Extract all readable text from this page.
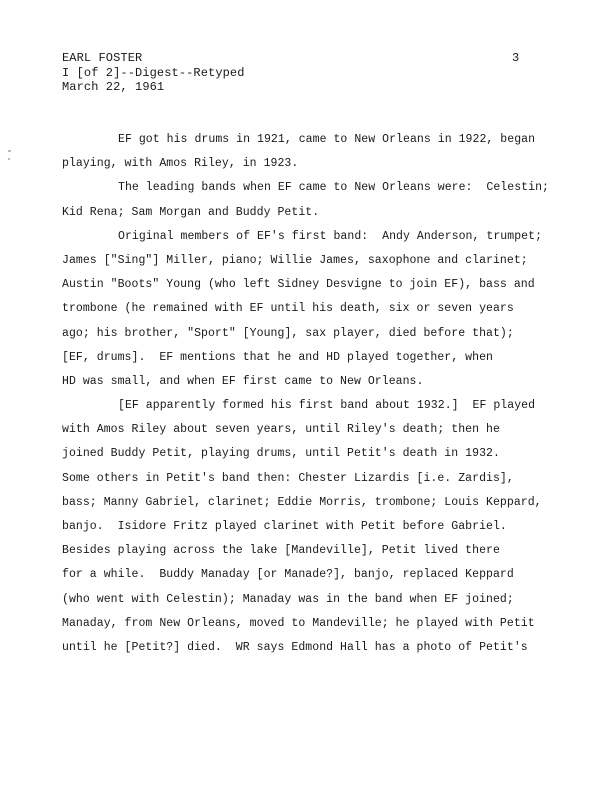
EARL FOSTER
I [of 2]--Digest--Retyped
March 22, 1961
3
EF got his drums in 1921, came to New Orleans in 1922, began
playing, with Amos Riley, in 1923.
The leading bands when EF came to New Orleans were:  Celestin;
Kid Rena; Sam Morgan and Buddy Petit.
Original members of EF's first band:  Andy Anderson, trumpet;
James ["Sing"] Miller, piano; Willie James, saxophone and clarinet;
Austin "Boots" Young (who left Sidney Desvigne to join EF), bass and
trombone (he remained with EF until his death, six or seven years
ago; his brother, "Sport" [Young], sax player, died before that);
[EF, drums].  EF mentions that he and HD played together, when
HD was small, and when EF first came to New Orleans.
[EF apparently formed his first band about 1932.]  EF played
with Amos Riley about seven years, until Riley's death; then he
joined Buddy Petit, playing drums, until Petit's death in 1932.
Some others in Petit's band then: Chester Lizardis [i.e. Zardis],
bass; Manny Gabriel, clarinet; Eddie Morris, trombone; Louis Keppard,
banjo.  Isidore Fritz played clarinet with Petit before Gabriel.
Besides playing across the lake [Mandeville], Petit lived there
for a while.  Buddy Manaday [or Manade?], banjo, replaced Keppard
(who went with Celestin); Manaday was in the band when EF joined;
Manaday, from New Orleans, moved to Mandeville; he played with Petit
until he [Petit?] died.  WR says Edmond Hall has a photo of Petit's
